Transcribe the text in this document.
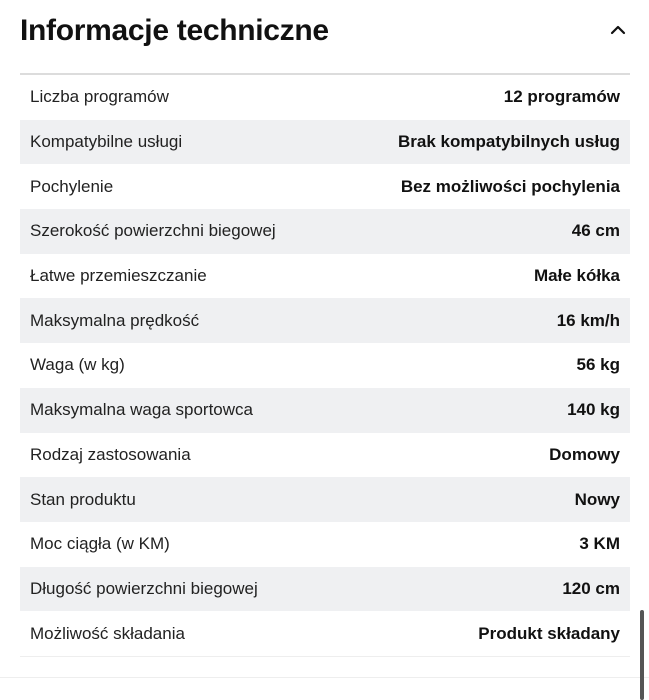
Informacje techniczne
Liczba programów	12 programów
Kompatybilne usługi	Brak kompatybilnych usług
Pochylenie	Bez możliwości pochylenia
Szerokość powierzchni biegowej	46 cm
Łatwe przemieszczanie	Małe kółka
Maksymalna prędkość	16 km/h
Waga (w kg)	56 kg
Maksymalna waga sportowca	140 kg
Rodzaj zastosowania	Domowy
Stan produktu	Nowy
Moc ciągła (w KM)	3 KM
Długość powierzchni biegowej	120 cm
Możliwość składania	Produkt składany
